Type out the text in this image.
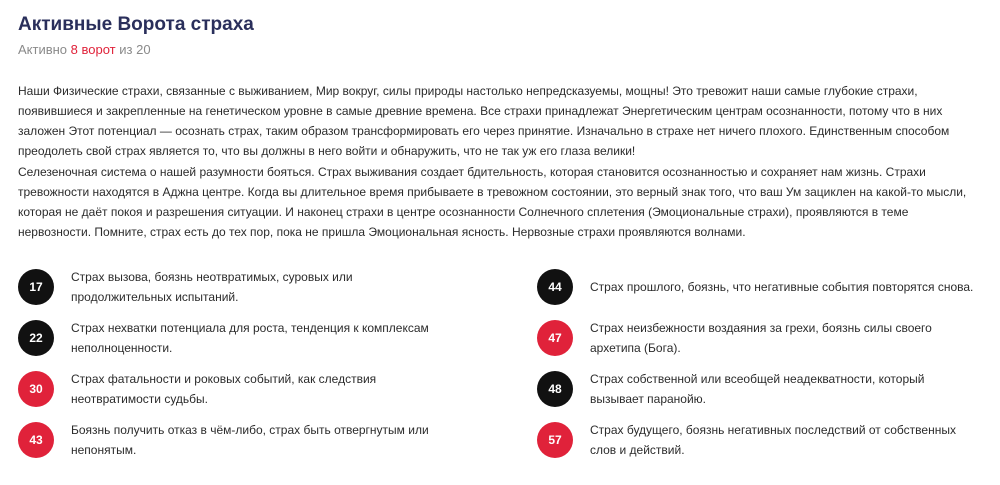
Активные Ворота страха
Активно 8 ворот из 20

Наши Физические страхи, связанные с выживанием, Мир вокруг, силы природы настолько непредсказуемы, мощны! Это тревожит наши самые глубокие страхи, появившиеся и закрепленные на генетическом уровне в самые древние времена. Все страхи принадлежат Энергетическим центрам осознанности, потому что в них заложен Этот потенциал — осознать страх, таким образом трансформировать его через принятие. Изначально в страхе нет ничего плохого. Единственным способом преодолеть свой страх является то, что вы должны в него войти и обнаружить, что не так уж его глаза велики!

Селезеночная система о нашей разумности бояться. Страх выживания создает бдительность, которая становится осознанностью и сохраняет нам жизнь. Страхи тревожности находятся в Аджна центре. Когда вы длительное время прибываете в тревожном состоянии, это верный знак того, что ваш Ум зациклен на какой-то мысли, которая не даёт покоя и разрешения ситуации. И наконец страхи в центре осознанности Солнечного сплетения (Эмоциональные страхи), проявляются в теме нервозности. Помните, страх есть до тех пор, пока не пришла Эмоциональная ясность. Нервозные страхи проявляются волнами.

17
Страх вызова, боязнь неотвратимых, суровых или продолжительных испытаний.
22
Страх нехватки потенциала для роста, тенденция к комплексам неполноценности.
30
Страх фатальности и роковых событий, как следствия неотвратимости судьбы.
43
Боязнь получить отказ в чём-либо, страх быть отвергнутым или непонятым.
44	Страх прошлого, боязнь, что негативные события повторятся снова.
47
Страх неизбежности воздаяния за грехи, боязнь силы своего архетипа (Бога).
48
Страх собственной или всеобщей неадекватности, который вызывает паранойю.
57
Страх будущего, боязнь негативных последствий от собственных слов и действий.
